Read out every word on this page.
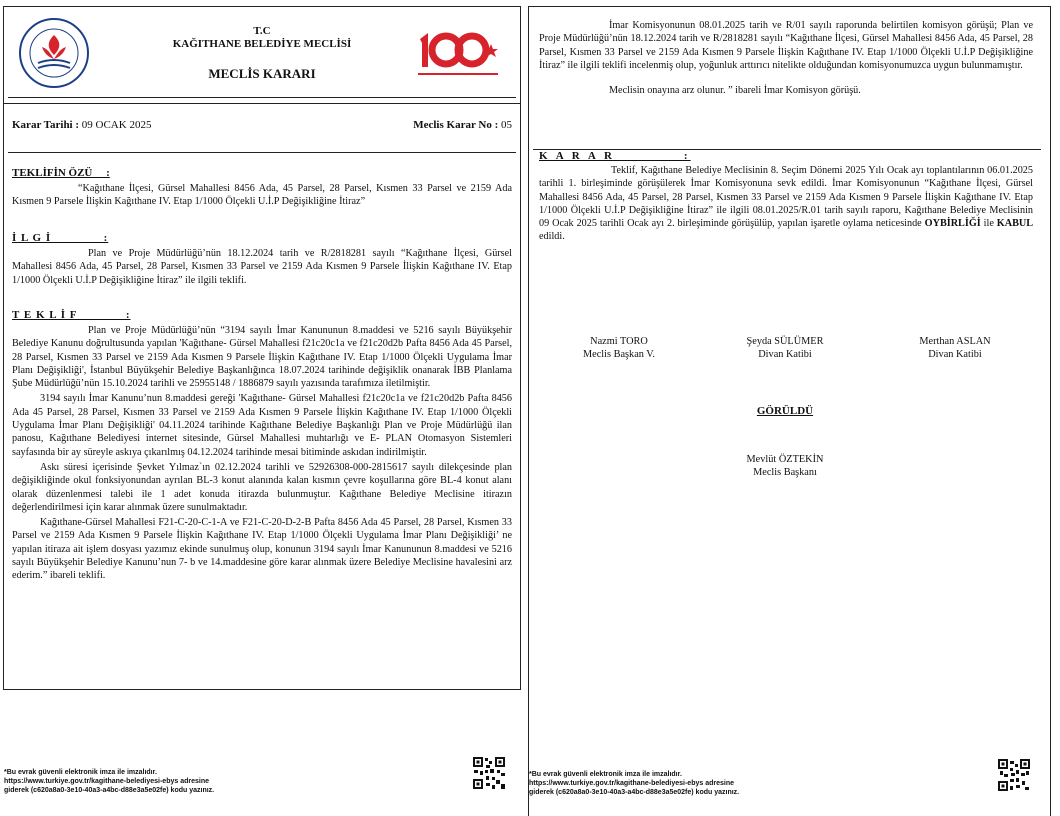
T.C
KAĞITHANE BELEDİYE MECLİSİ
MECLİS KARARI
Karar Tarihi : 09 OCAK 2025	Meclis Karar No : 05
TEKLİFİN ÖZÜ     :

“Kağıthane İlçesi, Gürsel Mahallesi 8456 Ada, 45 Parsel, 28 Parsel, Kısmen 33 Parsel ve 2159 Ada Kısmen 9 Parsele İlişkin Kağıthane IV. Etap 1/1000 Ölçekli U.İ.P Değişikliğine İtiraz”

İ L G İ              :

Plan ve Proje Müdürlüğü’nün 18.12.2024 tarih ve R/2818281 sayılı “Kağıthane İlçesi, Gürsel Mahallesi 8456 Ada, 45 Parsel, 28 Parsel, Kısmen 33 Parsel ve 2159 Ada Kısmen 9 Parsele İlişkin Kağıthane IV. Etap 1/1000 Ölçekli U.İ.P Değişikliğine İtiraz” ile ilgili teklifi.

T E K L İ F             :

Plan ve Proje Müdürlüğü’nün “3194 sayılı İmar Kanununun 8.maddesi ve 5216 sayılı Büyükşehir Belediye Kanunu doğrultusunda yapılan 'Kağıthane- Gürsel Mahallesi f21c20c1a ve f21c20d2b Pafta 8456 Ada 45 Parsel, 28 Parsel, Kısmen 33 Parsel ve 2159 Ada Kısmen 9 Parsele İlişkin Kağıthane IV. Etap 1/1000 Ölçekli Uygulama İmar Planı Değişikliği', İstanbul Büyükşehir Belediye Başkanlığınca 18.07.2024 tarihinde değişiklik onanarak İBB Planlama Şube Müdürlüğü’nün 15.10.2024 tarihli ve 25955148 / 1886879 sayılı yazısında tarafımıza iletilmiştir.

3194 sayılı İmar Kanunu’nun 8.maddesi gereği 'Kağıthane- Gürsel Mahallesi f21c20c1a ve f21c20d2b Pafta 8456 Ada 45 Parsel, 28 Parsel, Kısmen 33 Parsel ve 2159 Ada Kısmen 9 Parsele İlişkin Kağıthane IV. Etap 1/1000 Ölçekli Uygulama İmar Planı Değişikliği' 04.11.2024 tarihinde Kağıthane Belediye Başkanlığı Plan ve Proje Müdürlüğü ilan panosu, Kağıthane Belediyesi internet sitesinde, Gürsel Mahallesi muhtarlığı ve E- PLAN Otomasyon Sistemleri sayfasında bir ay süreyle askıya çıkarılmış 04.12.2024 tarihinde mesai bitiminde askıdan indirilmiştir.

Askı süresi içerisinde Şevket Yılmaz`ın 02.12.2024 tarihli ve 52926308-000-2815617 sayılı dilekçesinde plan değişikliğinde okul fonksiyonundan ayrılan BL-3 konut alanında kalan kısmın çevre koşullarına göre BL-4 konut alanı olarak düzenlenmesi talebi ile 1 adet konuda itirazda bulunmuştur. Kağıthane Belediye Meclisine itirazın değerlendirilmesi için karar alınmak üzere sunulmaktadır.

Kağıthane-Gürsel Mahallesi F21-C-20-C-1-A ve F21-C-20-D-2-B Pafta 8456 Ada 45 Parsel, 28 Parsel, Kısmen 33 Parsel ve 2159 Ada Kısmen 9 Parsele İlişkin Kağıthane IV. Etap 1/1000 Ölçekli Uygulama İmar Planı Değişikliği’ ne yapılan itiraza ait işlem dosyası yazımız ekinde sunulmuş olup, konunun 3194 sayılı İmar Kanununun 8.maddesi ve 5216 sayılı Büyükşehir Belediye Kanunu’nun 7- b ve 14.maddesine göre karar alınmak üzere Belediye Meclisine havalesini arz ederim.” ibareli teklifi.

İmar Komisyonunun 08.01.2025 tarih ve R/01 sayılı raporunda belirtilen komisyon görüşü; Plan ve Proje Müdürlüğü’nün 18.12.2024 tarih ve R/2818281 sayılı “Kağıthane İlçesi, Gürsel Mahallesi 8456 Ada, 45 Parsel, 28 Parsel, Kısmen 33 Parsel ve 2159 Ada Kısmen 9 Parsele İlişkin Kağıthane IV. Etap 1/1000 Ölçekli U.İ.P Değişikliğine İtiraz” ile ilgili teklifi incelenmiş olup, yoğunluk arttırıcı nitelikte olduğundan komisyonumuzca uygun bulunmamıştır.

Meclisin onayına arz olunur. ” ibareli İmar Komisyon görüşü.

K A R A R            :

Teklif, Kağıthane Belediye Meclisinin 8. Seçim Dönemi 2025 Yılı Ocak ayı toplantılarının 06.01.2025 tarihli 1. birleşiminde görüşülerek İmar Komisyonuna sevk edildi. İmar Komisyonunun “Kağıthane İlçesi, Gürsel Mahallesi 8456 Ada, 45 Parsel, 28 Parsel, Kısmen 33 Parsel ve 2159 Ada Kısmen 9 Parsele İlişkin Kağıthane IV. Etap 1/1000 Ölçekli U.İ.P Değişikliğine İtiraz” ile ilgili 08.01.2025/R.01 tarih sayılı raporu, Kağıthane Belediye Meclisinin 09 Ocak 2025 tarihli Ocak ayı 2. birleşiminde görüşülüp, yapılan işaretle oylama neticesinde OYBİRLİĞİ ile KABUL edildi.

Nazmi TORO
Meclis Başkan V.
Şeyda SÜLÜMER
Divan Katibi
Merthan ASLAN
Divan Katibi
GÖRÜLDÜ
Mevlüt ÖZTEKİN
Meclis Başkanı
*Bu evrak güvenli elektronik imza ile imzalıdır.
https://www.turkiye.gov.tr/kagithane-belediyesi-ebys adresine
giderek (c620a8a0-3e10-40a3-a4bc-d88e3a5e02fe) kodu yazınız.
*Bu evrak güvenli elektronik imza ile imzalıdır.
https://www.turkiye.gov.tr/kagithane-belediyesi-ebys adresine
giderek (c620a8a0-3e10-40a3-a4bc-d88e3a5e02fe) kodu yazınız.
